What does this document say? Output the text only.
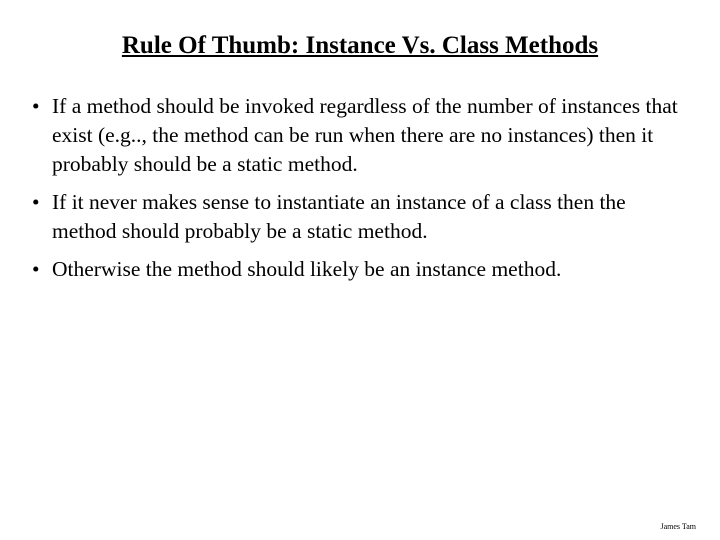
Rule Of Thumb: Instance Vs. Class Methods
• If a method should be invoked regardless of the number of instances that exist (e.g.., the method can be run when there are no instances) then it probably should be a static method.
• If it never makes sense to instantiate an instance of a class then the method should probably be a static method.
• Otherwise the method should likely be an instance method.
James Tam
